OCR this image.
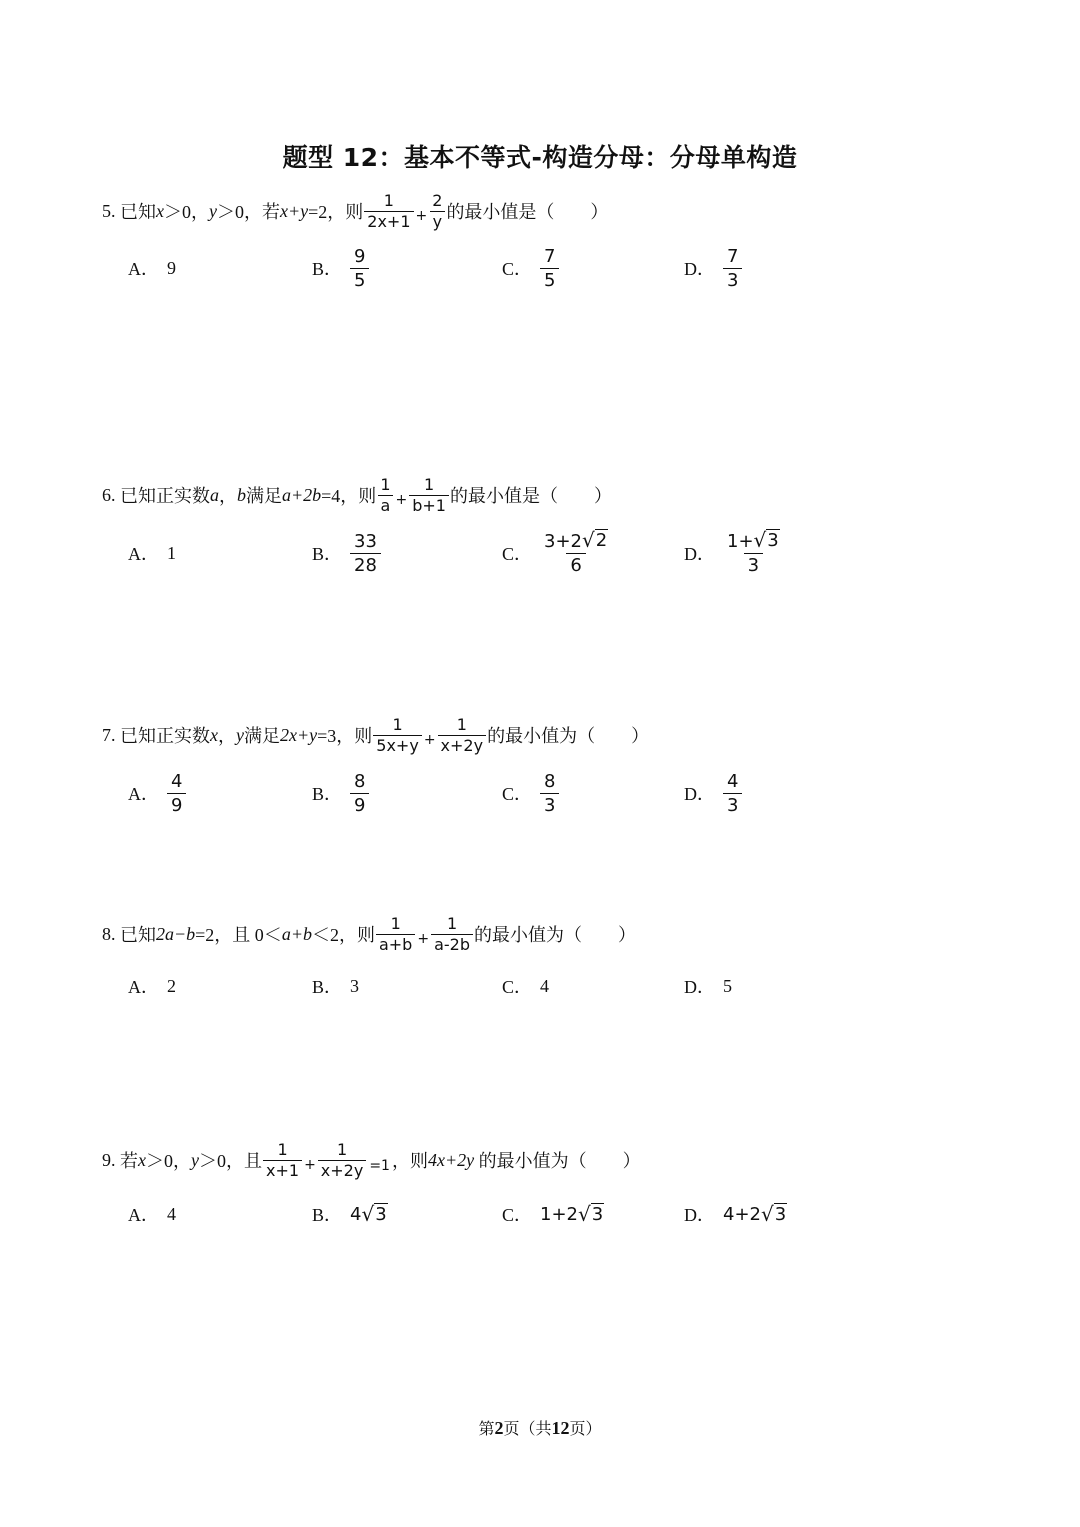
题型 12：基本不等式-构造分母：分母单构造
5.
已知 x ＞0， y ＞0，若 x+y =2，则 $\frac{1}{2x+1} + \frac{2}{y}$ 的最小值是（　　）
A． 9	B． $\frac{9}{5}$	C． $\frac{7}{5}$	D． $\frac{7}{3}$
6.
已知正实数 a ， b 满足 a+2b =4，则 $\frac{1}{a} + \frac{1}{b+1}$ 的最小值是（　　）
A． 1	B． $\frac{33}{28}$	C． $\frac{3+2 √ 2}{6}$	D． $\frac{1+ √ 3}{3}$
7.
已知正实数 x ， y 满足 2x+y =3，则 $\frac{1}{5x+y} + \frac{1}{x+2y}$ 的最小值为（　　）
A． $\frac{4}{9}$	B． $\frac{8}{9}$	C． $\frac{8}{3}$	D． $\frac{4}{3}$
8.
已知 2a−b =2，且 0＜ a+b ＜2，则 $\frac{1}{a+b} + \frac{1}{a-2b}$ 的最小值为（　　）
A． 2	B． 3	C． 4	D． 5
9.
若 x ＞0， y ＞0，且 $\frac{1}{x+1} + \frac{1}{x+2y} =1$ ，则 4x+2y
的最小值为（　　）
A． 4	B． 4 √ 3	C． 1+2 √ 3	D． 4+2 √ 3
第2页（共12页）
